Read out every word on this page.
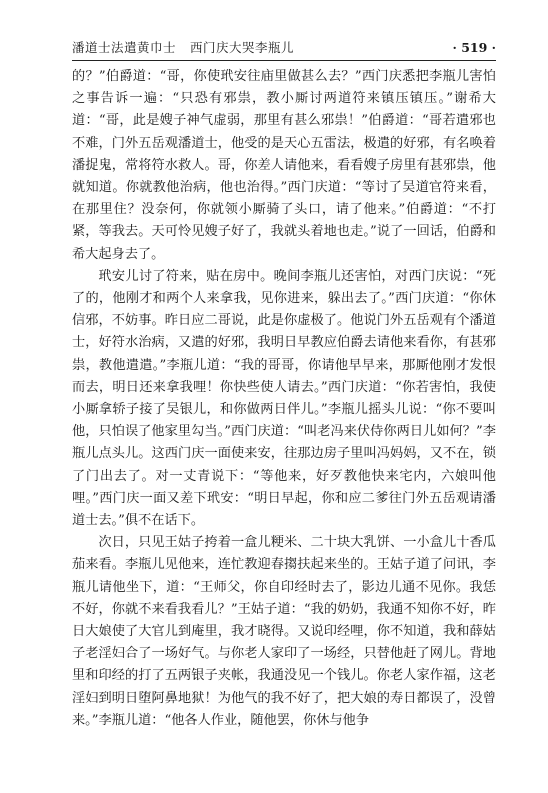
潘道士法遣黄巾士 西门庆大哭李瓶儿	· 519 ·

的？”伯爵道：“哥，你使玳安往庙里做甚么去？”西门庆悉把李瓶儿害怕之事告诉一遍：“只恐有邪祟，教小厮讨两道符来镇压镇压。”谢希大道：“哥，此是嫂子神气虚弱，那里有甚么邪祟！”伯爵道：“哥若遣邪也不难，门外五岳观潘道士，他受的是天心五雷法，极遣的好邪，有名唤着潘捉鬼，常将符水救人。哥，你差人请他来，看看嫂子房里有甚邪祟，他就知道。你就教他治病，他也治得。”西门庆道：“等讨了吴道官符来看，在那里住？没奈何，你就领小厮骑了头口，请了他来。”伯爵道：“不打紧，等我去。天可怜见嫂子好了，我就头着地也走。”说了一回话，伯爵和希大起身去了。

玳安儿讨了符来，贴在房中。晚间李瓶儿还害怕，对西门庆说：“死了的，他刚才和两个人来拿我，见你进来，躲出去了。”西门庆道：“你休信邪，不妨事。昨日应二哥说，此是你虚极了。他说门外五岳观有个潘道士，好符水治病，又遣的好邪，我明日早教应伯爵去请他来看你，有甚邪祟，教他遣遣。”李瓶儿道：“我的哥哥，你请他早早来，那厮他刚才发恨而去，明日还来拿我哩！你快些使人请去。”西门庆道：“你若害怕，我使小厮拿轿子接了吴银儿，和你做两日伴儿。”李瓶儿摇头儿说：“你不要叫他，只怕误了他家里勾当。”西门庆道：“叫老冯来伏侍你两日儿如何？”李瓶儿点头儿。这西门庆一面使来安，往那边房子里叫冯妈妈，又不在，锁了门出去了。对一丈青说下：“等他来，好歹教他快来宅内，六娘叫他哩。”西门庆一面又差下玳安：“明日早起，你和应二爹往门外五岳观请潘道士去。”俱不在话下。

次日，只见王姑子挎着一盒儿粳米、二十块大乳饼、一小盒儿十香瓜茄来看。李瓶儿见他来，连忙教迎春搊扶起来坐的。王姑子道了问讯，李瓶儿请他坐下，道：“王师父，你自印经时去了，影边儿通不见你。我恁不好，你就不来看我看儿？”王姑子道：“我的奶奶，我通不知你不好，昨日大娘使了大官儿到庵里，我才晓得。又说印经哩，你不知道，我和薛姑子老淫妇合了一场好气。与你老人家印了一场经，只替他赶了网儿。背地里和印经的打了五两银子夹帐，我通没见一个钱儿。你老人家作福，这老淫妇到明日堕阿鼻地狱！为他气的我不好了，把大娘的寿日都误了，没曾来。”李瓶儿道：“他各人作业，随他罢，你休与他争
